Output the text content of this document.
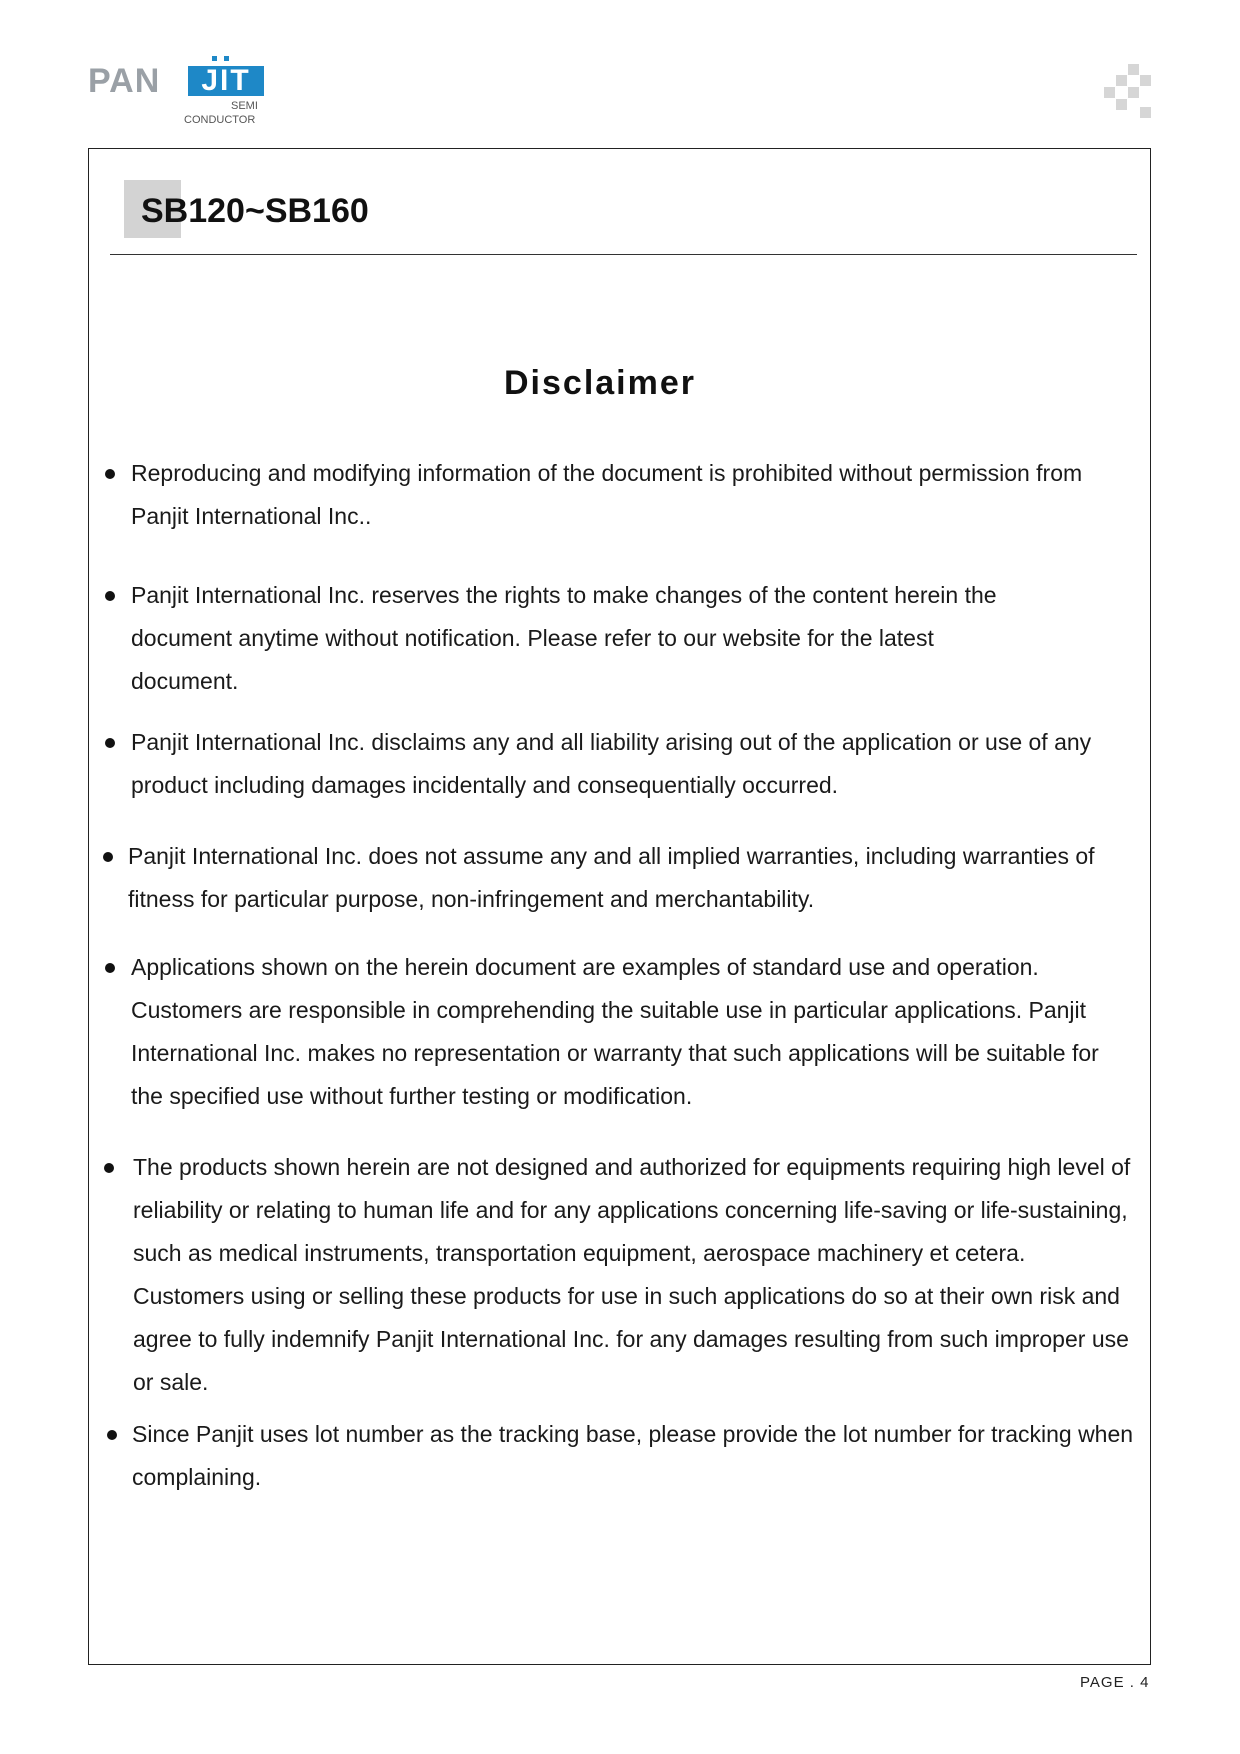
PAN	JIT
SEMI
CONDUCTOR
SB120~SB160
Disclaimer
Reproducing and modifying information of the document is prohibited without permission from Panjit International Inc..
Panjit International Inc. reserves the rights to make changes of the content herein the document anytime without notification. Please refer to our website for the latest document.
Panjit International Inc. disclaims any and all liability arising out of the application or use of any product including damages incidentally and consequentially occurred.
Panjit International Inc. does not assume any and all implied warranties, including warranties of fitness for particular purpose, non-infringement and merchantability.
Applications shown on the herein document are examples of standard use and operation. Customers are responsible in comprehending the suitable use in particular applications. Panjit International Inc. makes no representation or warranty that such applications will be suitable for the specified use without further testing or modification.
The products shown herein are not designed and authorized for equipments requiring high level of reliability or relating to human life and for any applications concerning life-saving or life-sustaining, such as medical instruments, transportation equipment, aerospace machinery et cetera. Customers using or selling these products for use in such applications do so at their own risk and agree to fully indemnify Panjit International Inc. for any damages resulting from such improper use or sale.
Since Panjit uses lot number as the tracking base, please provide the lot number for tracking when complaining.
PAGE . 4
